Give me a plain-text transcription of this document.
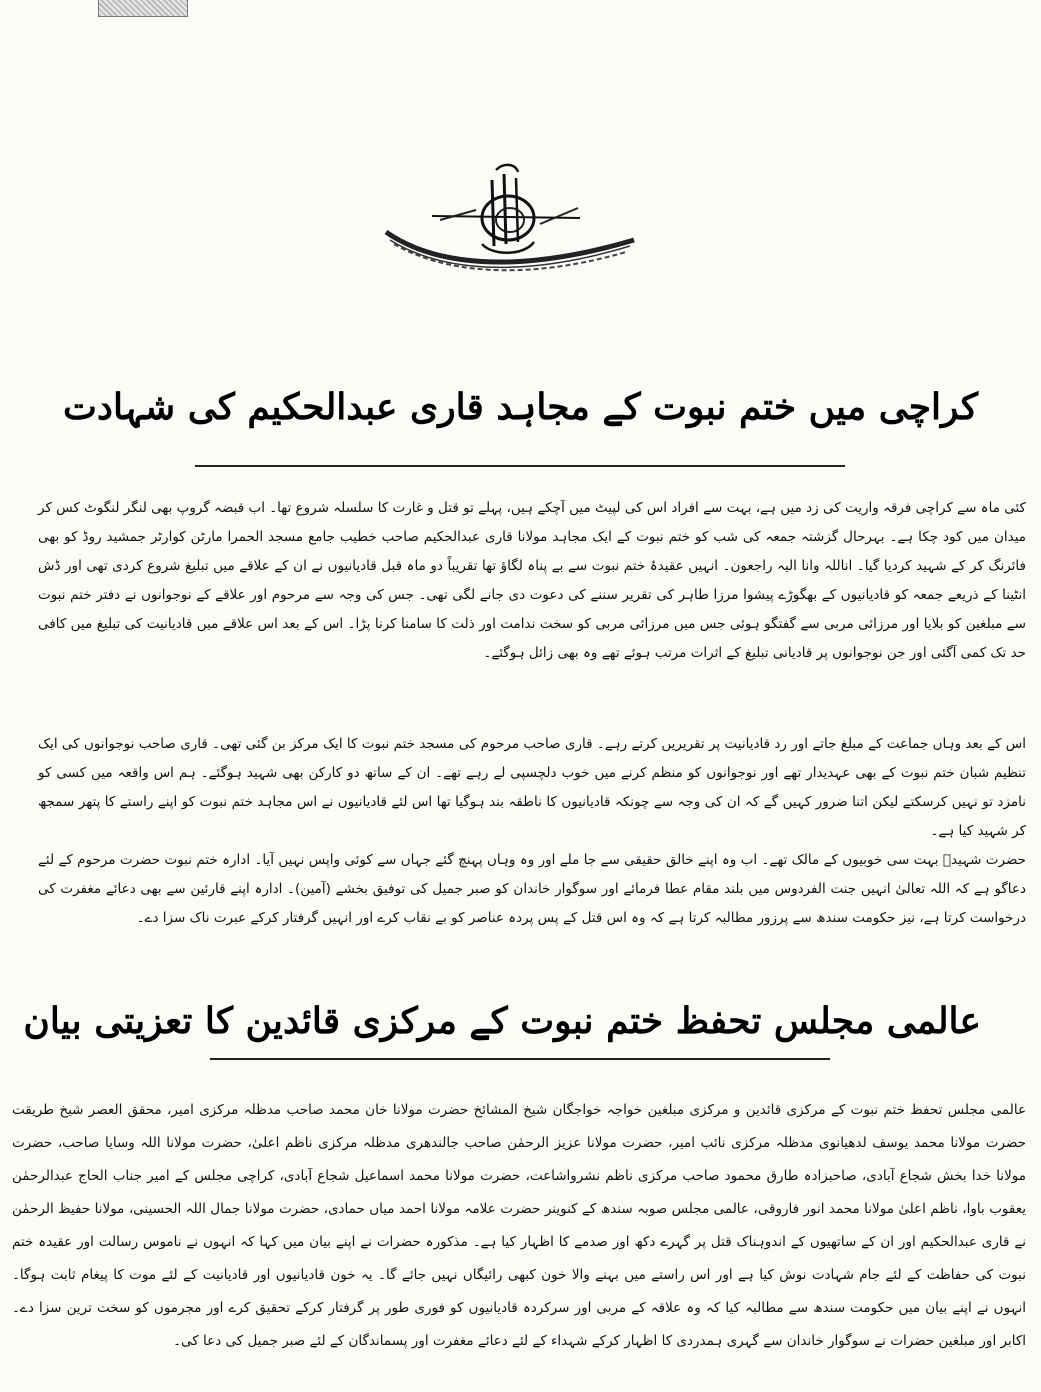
کراچی میں ختم نبوت کے مجاہد قاری عبدالحکیم کی شہادت

کئی ماہ سے کراچی فرقہ واریت کی زد میں ہے، بہت سے افراد اس کی لپیٹ میں آچکے ہیں، پہلے تو قتل و غارت کا سلسلہ شروع تھا۔ اب قبضہ گروپ بھی لنگر لنگوٹ کس کر میدان میں کود چکا ہے۔ بہرحال گزشتہ جمعہ کی شب کو ختم نبوت کے ایک مجاہد مولانا قاری عبدالحکیم صاحب خطیب جامع مسجد الحمرا مارٹن کوارٹر جمشید روڈ کو بھی فائرنگ کر کے شہید کردیا گیا۔ اناللہ وانا الیہ راجعون۔ انہیں عقیدۂ ختم نبوت سے بے پناہ لگاؤ تھا تقریباً دو ماہ قبل قادیانیوں نے ان کے علاقے میں تبلیغ شروع کردی تھی اور ڈش انٹینا کے ذریعے جمعہ کو قادیانیوں کے بھگوڑے پیشوا مرزا طاہر کی تقریر سننے کی دعوت دی جانے لگی تھی۔ جس کی وجہ سے مرحوم اور علاقے کے نوجوانوں نے دفتر ختم نبوت سے مبلغین کو بلایا اور مرزائی مربی سے گفتگو ہوئی جس میں مرزائی مربی کو سخت ندامت اور ذلت کا سامنا کرنا پڑا۔ اس کے بعد اس علاقے میں قادیانیت کی تبلیغ میں کافی حد تک کمی آگئی اور جن نوجوانوں پر قادیانی تبلیغ کے اثرات مرتب ہوئے تھے وہ بھی زائل ہوگئے۔

اس کے بعد وہاں جماعت کے مبلغ جاتے اور رد قادیانیت پر تقریریں کرتے رہے۔ قاری صاحب مرحوم کی مسجد ختم نبوت کا ایک مرکز بن گئی تھی۔ قاری صاحب نوجوانوں کی ایک تنظیم شبان ختم نبوت کے بھی عہدیدار تھے اور نوجوانوں کو منظم کرنے میں خوب دلچسپی لے رہے تھے۔ ان کے ساتھ دو کارکن بھی شہید ہوگئے۔ ہم اس واقعہ میں کسی کو نامزد تو نہیں کرسکتے لیکن اتنا ضرور کہیں گے کہ ان کی وجہ سے چونکہ قادیانیوں کا ناطقہ بند ہوگیا تھا اس لئے قادیانیوں نے اس مجاہد ختم نبوت کو اپنے راستے کا پتھر سمجھ کر شہید کیا ہے۔

حضرت شہیدؒ بہت سی خوبیوں کے مالک تھے۔ اب وہ اپنے خالق حقیقی سے جا ملے اور وہ وہاں پہنچ گئے جہاں سے کوئی واپس نہیں آیا۔ ادارہ ختم نبوت حضرت مرحوم کے لئے دعاگو ہے کہ اللہ تعالیٰ انہیں جنت الفردوس میں بلند مقام عطا فرمائے اور سوگوار خاندان کو صبر جمیل کی توفیق بخشے (آمین)۔ ادارہ اپنے قارئین سے بھی دعائے مغفرت کی درخواست کرتا ہے، نیز حکومت سندھ سے پرزور مطالبہ کرتا ہے کہ وہ اس قتل کے پس پردہ عناصر کو بے نقاب کرے اور انہیں گرفتار کرکے عبرت ناک سزا دے۔

عالمی مجلس تحفظ ختم نبوت کے مرکزی قائدین کا تعزیتی بیان

عالمی مجلس تحفظ ختم نبوت کے مرکزی قائدین و مرکزی مبلغین خواجہ خواجگان شیخ المشائخ حضرت مولانا خان محمد صاحب مدظلہ مرکزی امیر، محقق العصر شیخ طریقت حضرت مولانا محمد یوسف لدھیانوی مدظلہ مرکزی نائب امیر، حضرت مولانا عزیز الرحمٰن صاحب جالندھری مدظلہ مرکزی ناظم اعلیٰ، حضرت مولانا اللہ وسایا صاحب، حضرت مولانا خدا بخش شجاع آبادی، صاحبزادہ طارق محمود صاحب مرکزی ناظم نشرواشاعت، حضرت مولانا محمد اسماعیل شجاع آبادی، کراچی مجلس کے امیر جناب الحاج عبدالرحمٰن یعقوب باوا، ناظم اعلیٰ مولانا محمد انور فاروقی، عالمی مجلس صوبہ سندھ کے کنوینر حضرت علامہ مولانا احمد میاں حمادی، حضرت مولانا جمال اللہ الحسینی، مولانا حفیظ الرحمٰن نے قاری عبدالحکیم اور ان کے ساتھیوں کے اندوہناک قتل پر گہرے دکھ اور صدمے کا اظہار کیا ہے۔ مذکورہ حضرات نے اپنے بیان میں کہا کہ انہوں نے ناموس رسالت اور عقیدہ ختم نبوت کی حفاظت کے لئے جام شہادت نوش کیا ہے اور اس راستے میں بہنے والا خون کبھی رائیگاں نہیں جائے گا۔ یہ خون قادیانیوں اور قادیانیت کے لئے موت کا پیغام ثابت ہوگا۔ انہوں نے اپنے بیان میں حکومت سندھ سے مطالبہ کیا کہ وہ علاقہ کے مربی اور سرکردہ قادیانیوں کو فوری طور پر گرفتار کرکے تحقیق کرے اور مجرموں کو سخت ترین سزا دے۔ اکابر اور مبلغین حضرات نے سوگوار خاندان سے گہری ہمدردی کا اظہار کرکے شہداء کے لئے دعائے مغفرت اور پسماندگان کے لئے صبر جمیل کی دعا کی۔
